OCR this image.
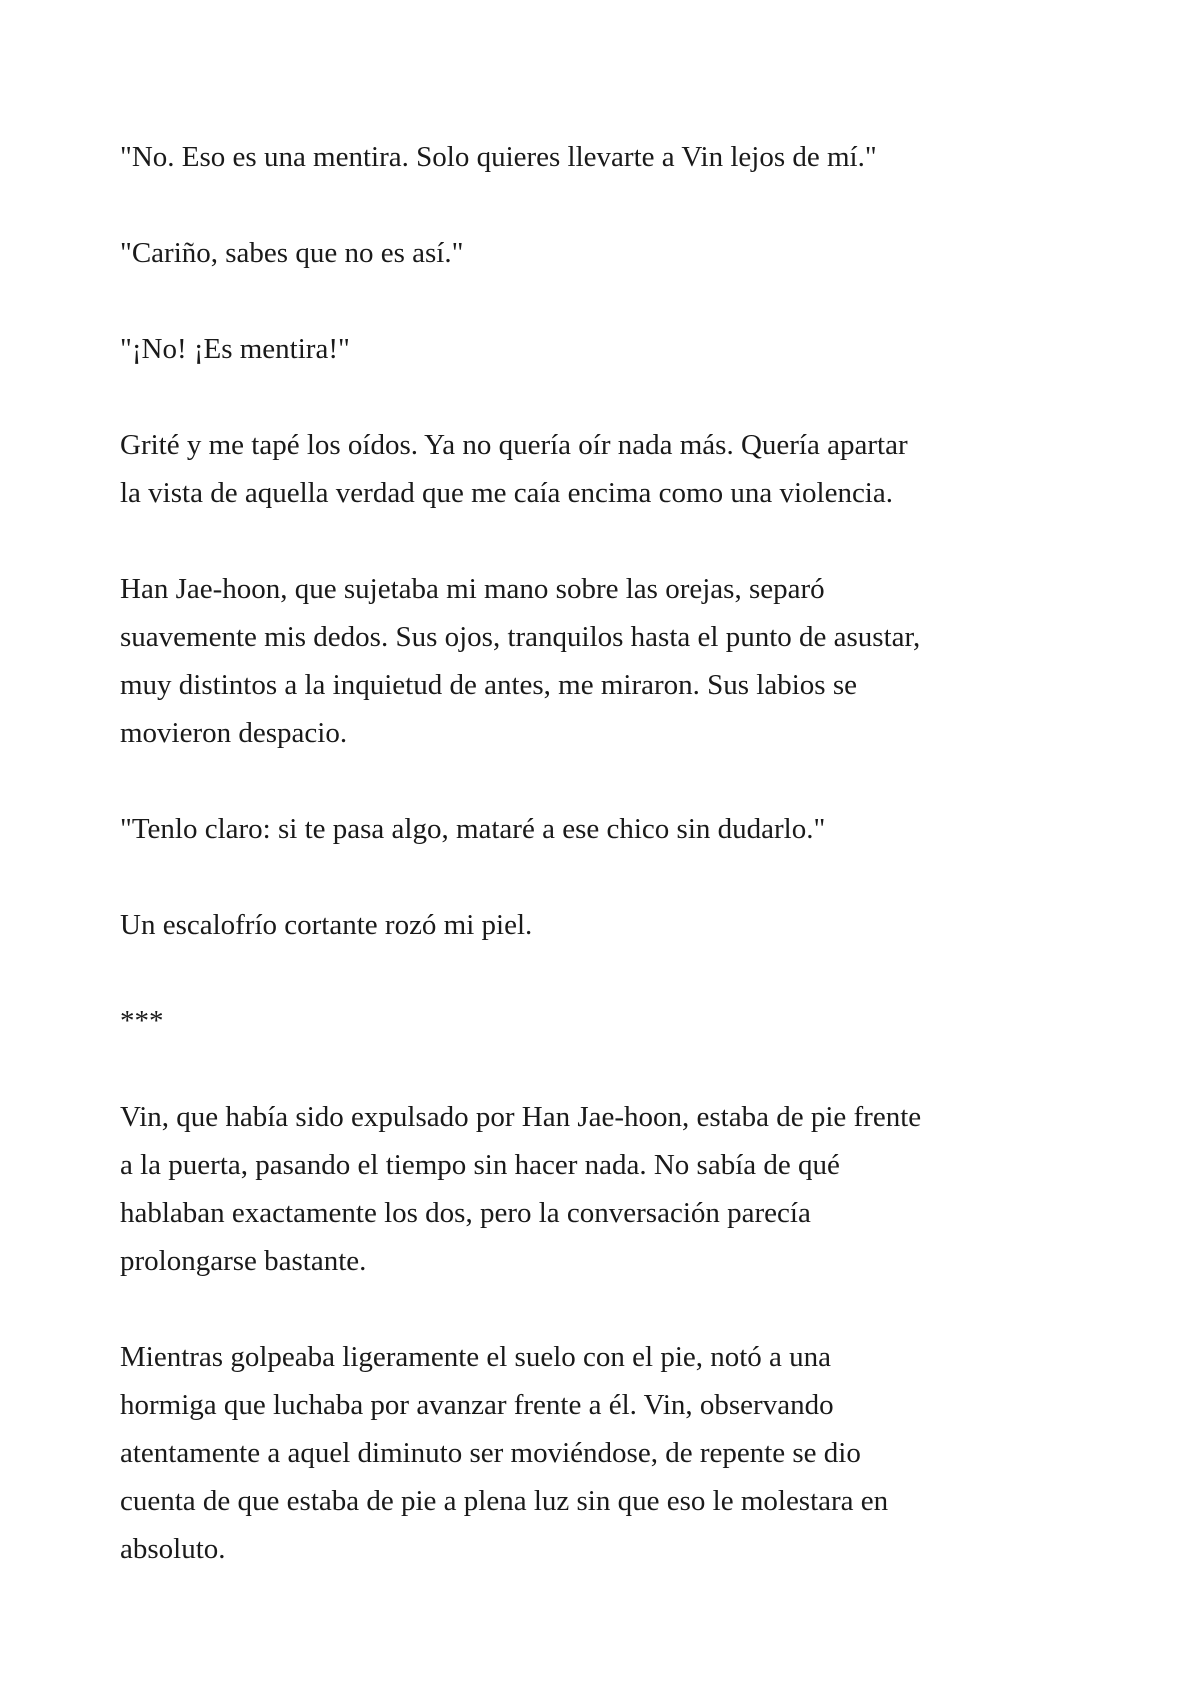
"No. Eso es una mentira. Solo quieres llevarte a Vin lejos de mí."

"Cariño, sabes que no es así."

"¡No! ¡Es mentira!"

Grité y me tapé los oídos. Ya no quería oír nada más. Quería apartar
la vista de aquella verdad que me caía encima como una violencia.

Han Jae-hoon, que sujetaba mi mano sobre las orejas, separó
suavemente mis dedos. Sus ojos, tranquilos hasta el punto de asustar,
muy distintos a la inquietud de antes, me miraron. Sus labios se
movieron despacio.

"Tenlo claro: si te pasa algo, mataré a ese chico sin dudarlo."

Un escalofrío cortante rozó mi piel.

***

Vin, que había sido expulsado por Han Jae-hoon, estaba de pie frente
a la puerta, pasando el tiempo sin hacer nada. No sabía de qué
hablaban exactamente los dos, pero la conversación parecía
prolongarse bastante.

Mientras golpeaba ligeramente el suelo con el pie, notó a una
hormiga que luchaba por avanzar frente a él. Vin, observando
atentamente a aquel diminuto ser moviéndose, de repente se dio
cuenta de que estaba de pie a plena luz sin que eso le molestara en
absoluto.
